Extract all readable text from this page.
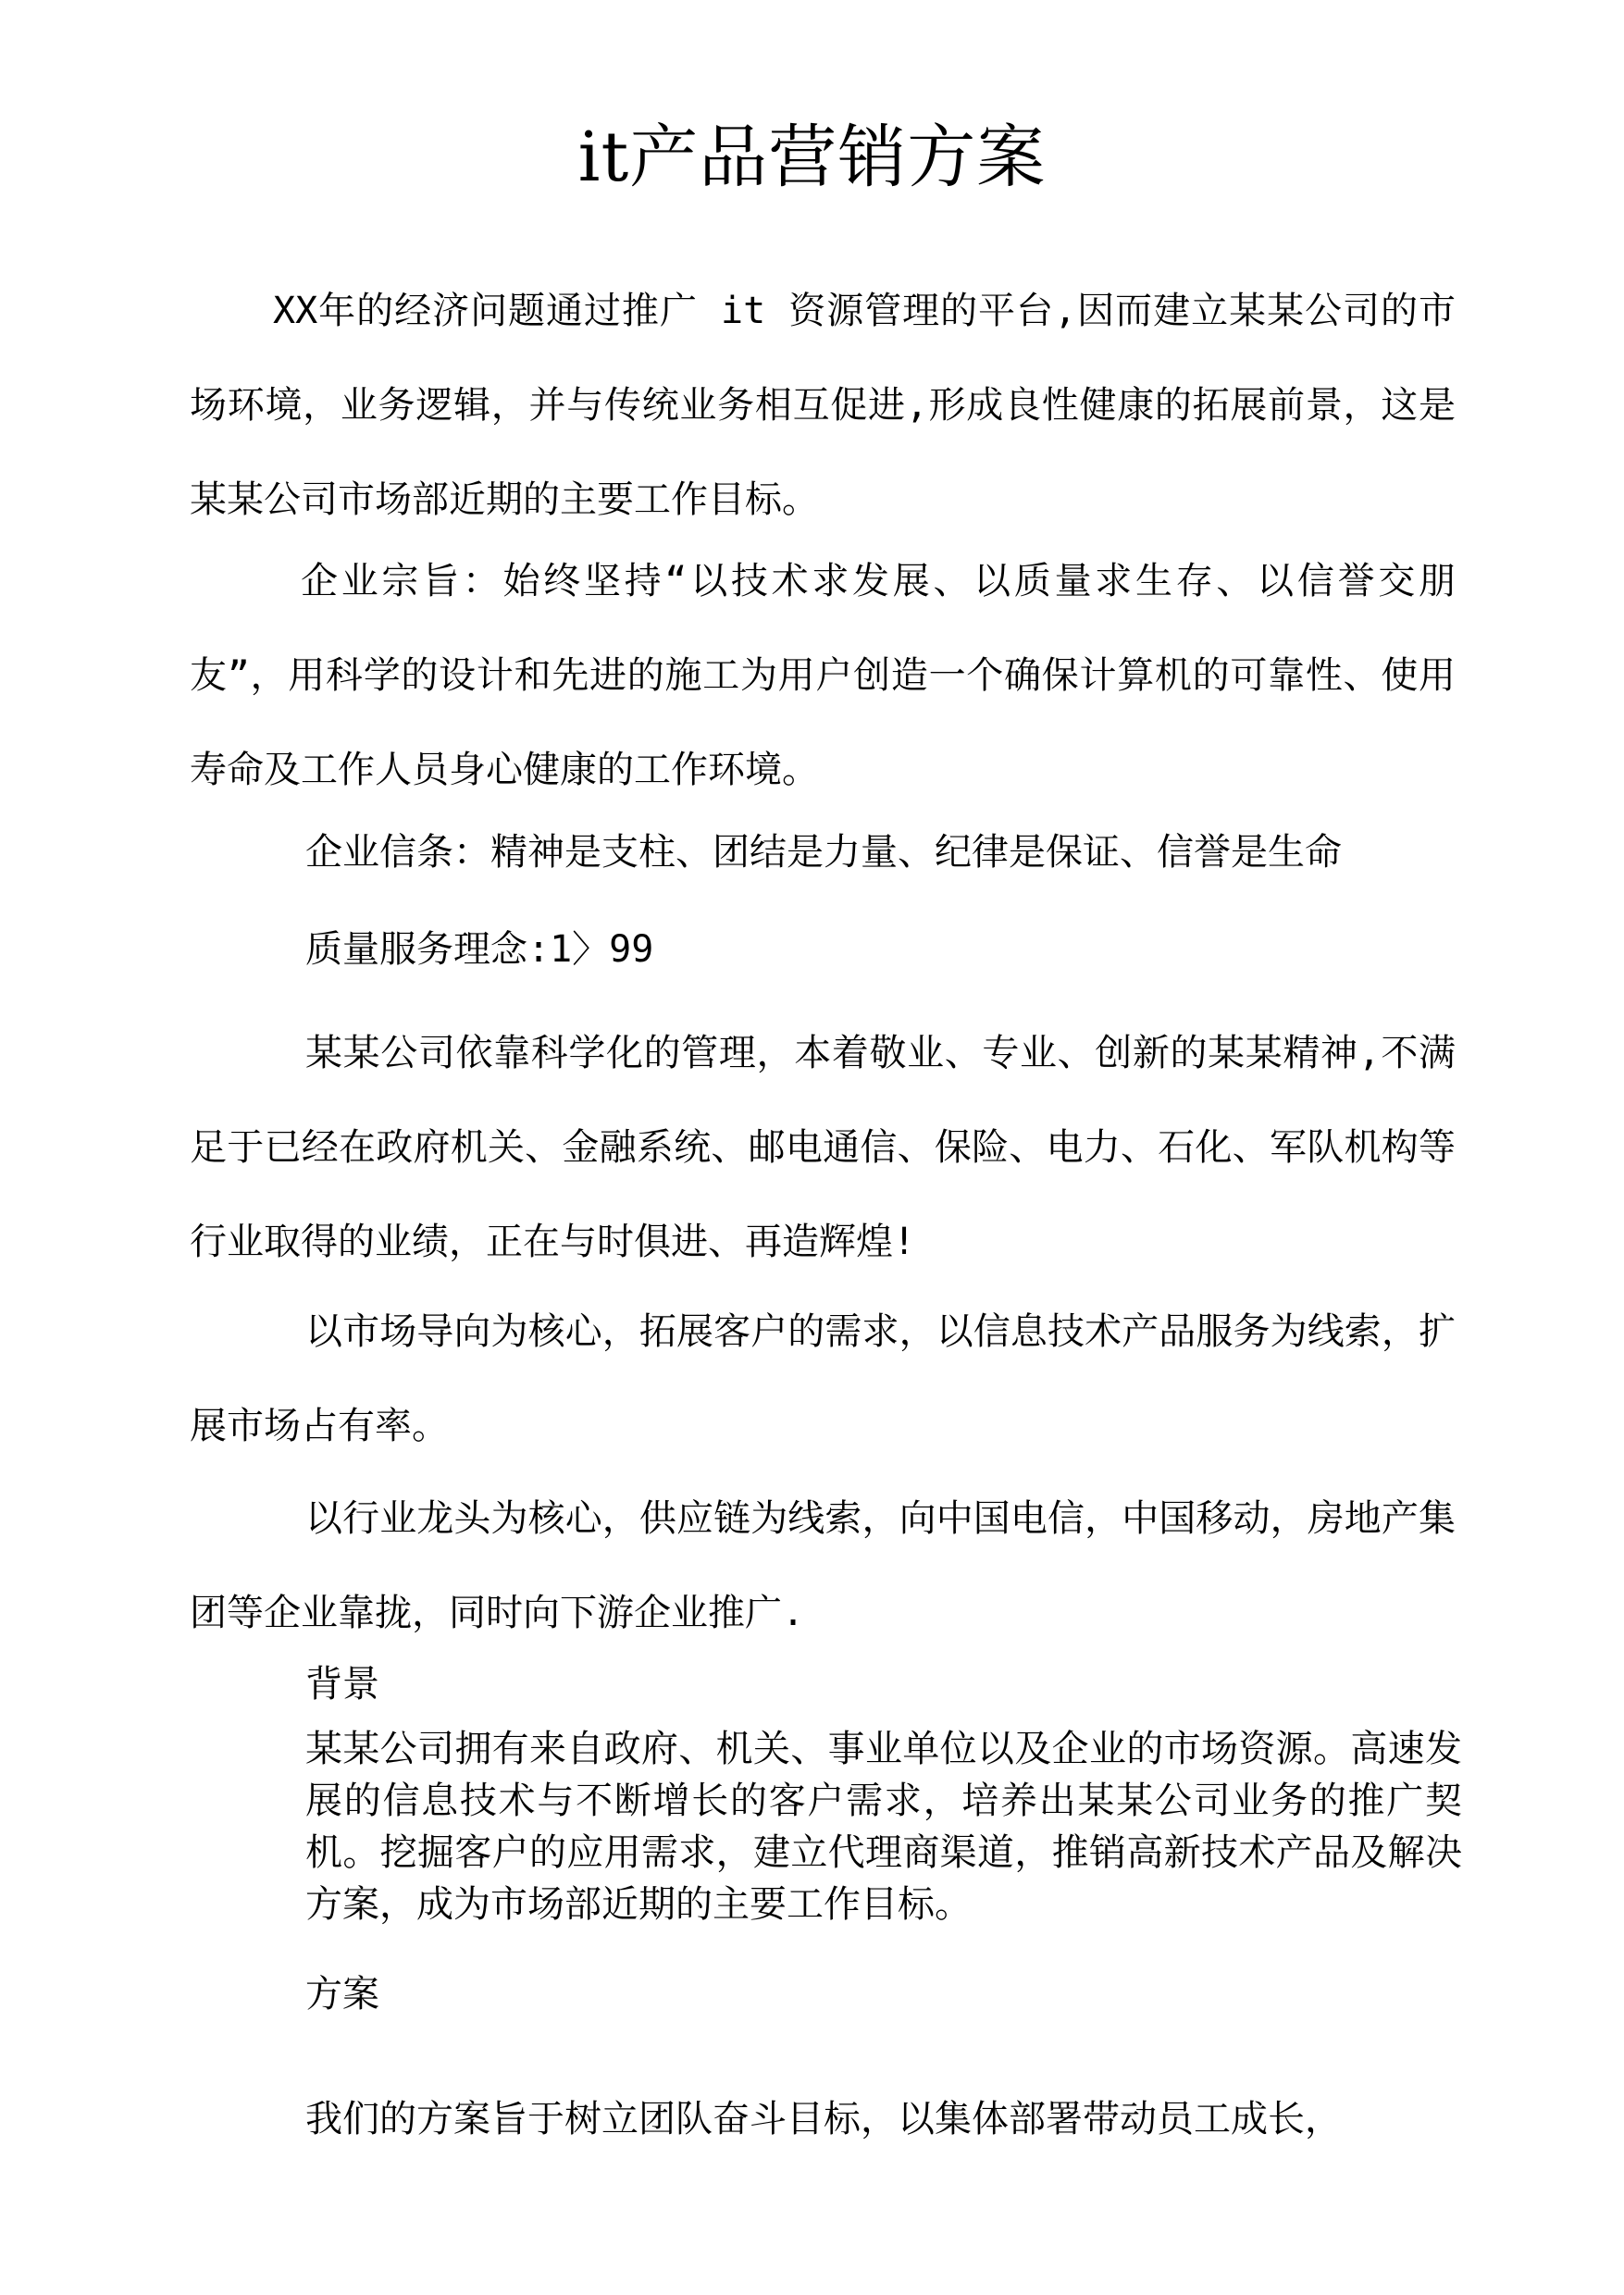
it产品营销方案

XX年的经济问题通过推广 it 资源管理的平台,因而建立某某公司的市场环境，业务逻辑，并与传统业务相互促进,形成良性健康的拓展前景，这是某某公司市场部近期的主要工作目标。

企业宗旨：始终坚持“以技术求发展、以质量求生存、以信誉交朋友”，用科学的设计和先进的施工为用户创造一个确保计算机的可靠性、使用寿命及工作人员身心健康的工作环境。

企业信条：精神是支柱、团结是力量、纪律是保证、信誉是生命

质量服务理念:1〉99

某某公司依靠科学化的管理，本着敬业、专业、创新的某某精神,不满足于已经在政府机关、金融系统、邮电通信、保险、电力、石化、军队机构等行业取得的业绩，正在与时俱进、再造辉煌!

以市场导向为核心，拓展客户的需求，以信息技术产品服务为线索，扩展市场占有率。

以行业龙头为核心，供应链为线索，向中国电信，中国移动，房地产集团等企业靠拢，同时向下游企业推广.

背景

某某公司拥有来自政府、机关、事业单位以及企业的市场资源。高速发展的信息技术与不断增长的客户需求，培养出某某公司业务的推广契机。挖掘客户的应用需求，建立代理商渠道，推销高新技术产品及解决方案，成为市场部近期的主要工作目标。

方案

我们的方案旨于树立团队奋斗目标，以集体部署带动员工成长，
